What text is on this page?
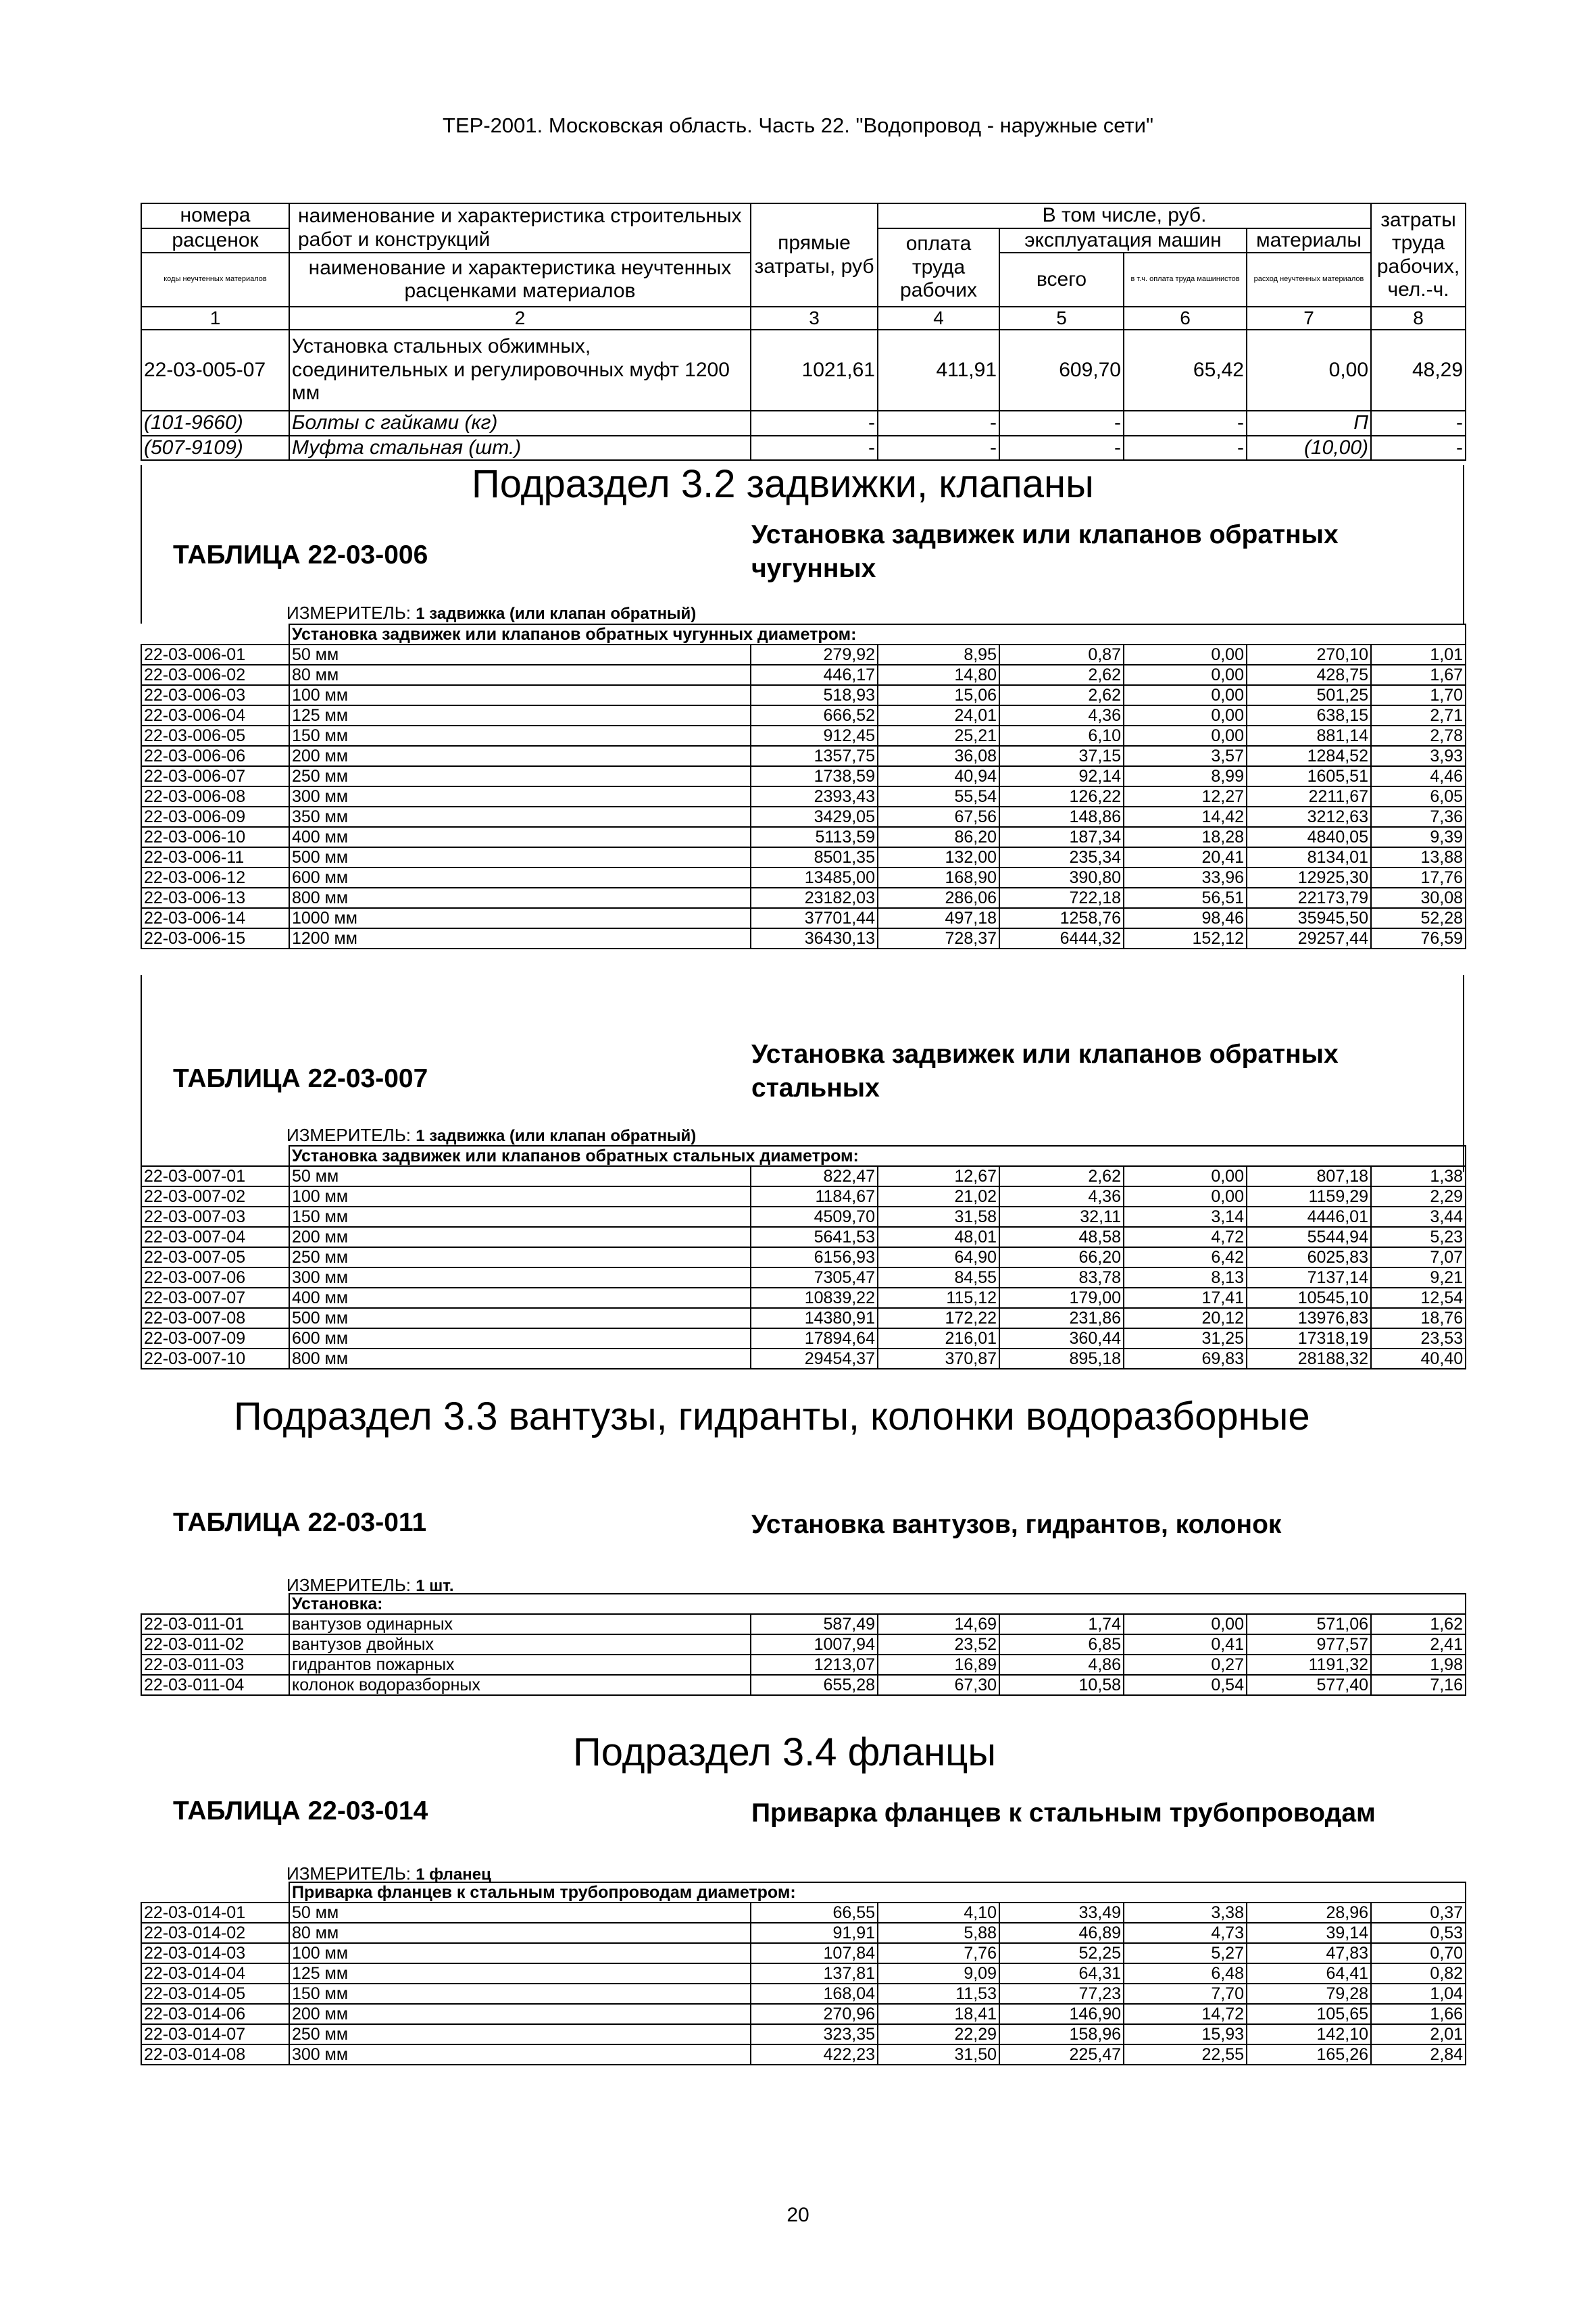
ТЕР-2001. Московская область. Часть 22. "Водопровод - наружные сети"
номера	наименование и характеристика строительных работ и конструкций	прямые затраты, руб	В том числе, руб.				затраты труда рабочих, чел.-ч.
расценок			оплата труда рабочих	эксплуатация машин		материалы	
коды неучтенных материалов	наименование и характеристика неучтенных расценками материалов			всего	в т.ч. оплата труда машинистов	расход неучтенных материалов	

1	2	3	4	5	6	7	8
22-03-005-07	Установка стальных обжимных,
соединительных и регулировочных муфт 1200
мм	1021,61	411,91	609,70	65,42	0,00	48,29
(101-9660)	Болты с гайками (кг)	-	-	-	-	П	-
(507-9109)	Муфта стальная (шт.)	-	-	-	-	(10,00)	-
Подраздел 3.2 задвижки, клапаны
ТАБЛИЦА 22-03-006
Установка задвижек или клапанов обратных чугунных
ИЗМЕРИТЕЛЬ: 1 задвижка (или клапан обратный)
	Установка задвижек или клапанов обратных чугунных диаметром:						
22-03-006-01	50 мм	279,92	8,95	0,87	0,00	270,10	1,01
22-03-006-02	80 мм	446,17	14,80	2,62	0,00	428,75	1,67
22-03-006-03	100 мм	518,93	15,06	2,62	0,00	501,25	1,70
22-03-006-04	125 мм	666,52	24,01	4,36	0,00	638,15	2,71
22-03-006-05	150 мм	912,45	25,21	6,10	0,00	881,14	2,78
22-03-006-06	200 мм	1357,75	36,08	37,15	3,57	1284,52	3,93
22-03-006-07	250 мм	1738,59	40,94	92,14	8,99	1605,51	4,46
22-03-006-08	300 мм	2393,43	55,54	126,22	12,27	2211,67	6,05
22-03-006-09	350 мм	3429,05	67,56	148,86	14,42	3212,63	7,36
22-03-006-10	400 мм	5113,59	86,20	187,34	18,28	4840,05	9,39
22-03-006-11	500 мм	8501,35	132,00	235,34	20,41	8134,01	13,88
22-03-006-12	600 мм	13485,00	168,90	390,80	33,96	12925,30	17,76
22-03-006-13	800 мм	23182,03	286,06	722,18	56,51	22173,79	30,08
22-03-006-14	1000 мм	37701,44	497,18	1258,76	98,46	35945,50	52,28
22-03-006-15	1200 мм	36430,13	728,37	6444,32	152,12	29257,44	76,59
ТАБЛИЦА 22-03-007
Установка задвижек или клапанов обратных стальных
ИЗМЕРИТЕЛЬ: 1 задвижка (или клапан обратный)
	Установка задвижек или клапанов обратных стальных диаметром:						
22-03-007-01	50 мм	822,47	12,67	2,62	0,00	807,18	1,38
22-03-007-02	100 мм	1184,67	21,02	4,36	0,00	1159,29	2,29
22-03-007-03	150 мм	4509,70	31,58	32,11	3,14	4446,01	3,44
22-03-007-04	200 мм	5641,53	48,01	48,58	4,72	5544,94	5,23
22-03-007-05	250 мм	6156,93	64,90	66,20	6,42	6025,83	7,07
22-03-007-06	300 мм	7305,47	84,55	83,78	8,13	7137,14	9,21
22-03-007-07	400 мм	10839,22	115,12	179,00	17,41	10545,10	12,54
22-03-007-08	500 мм	14380,91	172,22	231,86	20,12	13976,83	18,76
22-03-007-09	600 мм	17894,64	216,01	360,44	31,25	17318,19	23,53
22-03-007-10	800 мм	29454,37	370,87	895,18	69,83	28188,32	40,40
Подраздел 3.3 вантузы, гидранты, колонки водоразборные
ТАБЛИЦА 22-03-011	Установка вантузов, гидрантов, колонок
ИЗМЕРИТЕЛЬ: 1 шт.
	Установка:						
22-03-011-01	вантузов одинарных	587,49	14,69	1,74	0,00	571,06	1,62
22-03-011-02	вантузов двойных	1007,94	23,52	6,85	0,41	977,57	2,41
22-03-011-03	гидрантов пожарных	1213,07	16,89	4,86	0,27	1191,32	1,98
22-03-011-04	колонок водоразборных	655,28	67,30	10,58	0,54	577,40	7,16
Подраздел 3.4 фланцы
ТАБЛИЦА 22-03-014	Приварка фланцев к стальным трубопроводам
ИЗМЕРИТЕЛЬ: 1 фланец
	Приварка фланцев к стальным трубопроводам диаметром:						
22-03-014-01	50 мм	66,55	4,10	33,49	3,38	28,96	0,37
22-03-014-02	80 мм	91,91	5,88	46,89	4,73	39,14	0,53
22-03-014-03	100 мм	107,84	7,76	52,25	5,27	47,83	0,70
22-03-014-04	125 мм	137,81	9,09	64,31	6,48	64,41	0,82
22-03-014-05	150 мм	168,04	11,53	77,23	7,70	79,28	1,04
22-03-014-06	200 мм	270,96	18,41	146,90	14,72	105,65	1,66
22-03-014-07	250 мм	323,35	22,29	158,96	15,93	142,10	2,01
22-03-014-08	300 мм	422,23	31,50	225,47	22,55	165,26	2,84
20
